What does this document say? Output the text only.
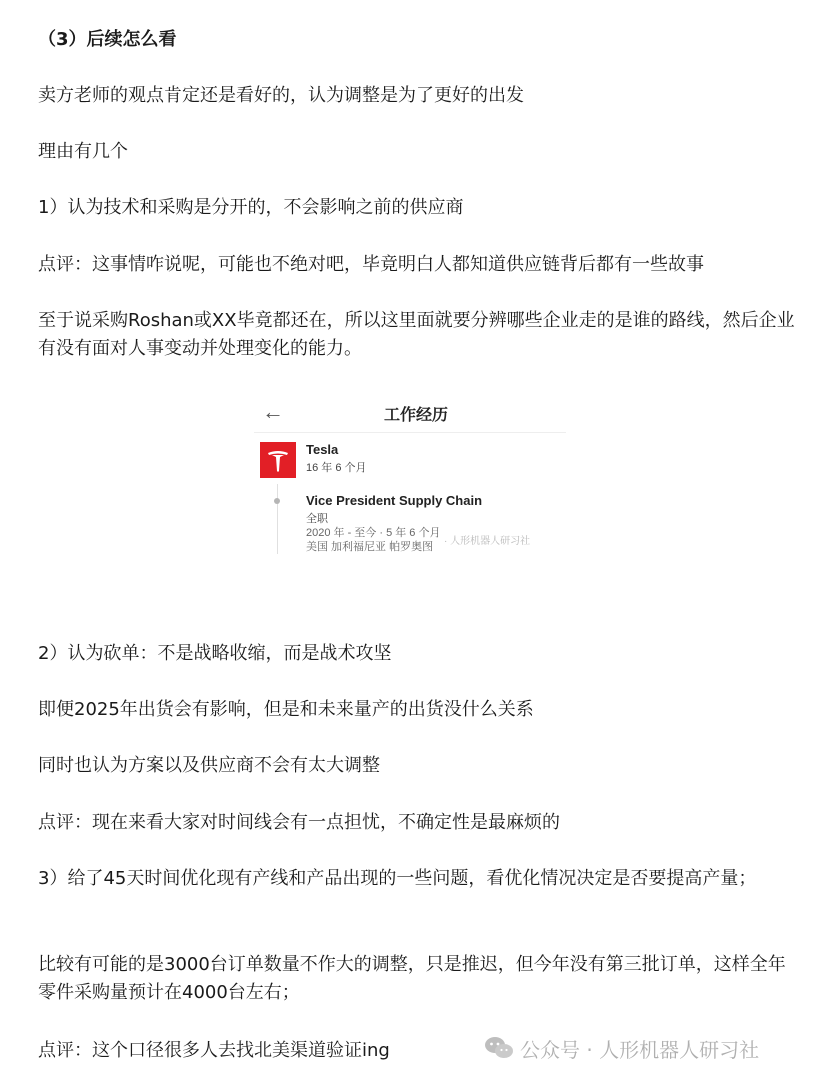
（3）后续怎么看

卖方老师的观点肯定还是看好的，认为调整是为了更好的出发

理由有几个

1）认为技术和采购是分开的，不会影响之前的供应商

点评：这事情咋说呢，可能也不绝对吧，毕竟明白人都知道供应链背后都有一些故事

至于说采购Roshan或XX毕竟都还在，所以这里面就要分辨哪些企业走的是谁的路线，然后企业有没有面对人事变动并处理变化的能力。

←	工作经历
Tesla
16 年 6 个月
Vice President Supply Chain
全职
2020 年 - 至今 · 5 年 6 个月
美国 加利福尼亚 帕罗奥图 · 人形机器人研习社

2）认为砍单：不是战略收缩，而是战术攻坚

即便2025年出货会有影响，但是和未来量产的出货没什么关系

同时也认为方案以及供应商不会有太大调整

点评：现在来看大家对时间线会有一点担忧，不确定性是最麻烦的

3）给了45天时间优化现有产线和产品出现的一些问题，看优化情况决定是否要提高产量；

比较有可能的是3000台订单数量不作大的调整，只是推迟，但今年没有第三批订单，这样全年零件采购量预计在4000台左右；

点评：这个口径很多人去找北美渠道验证ing	公众号 · 人形机器人研习社
